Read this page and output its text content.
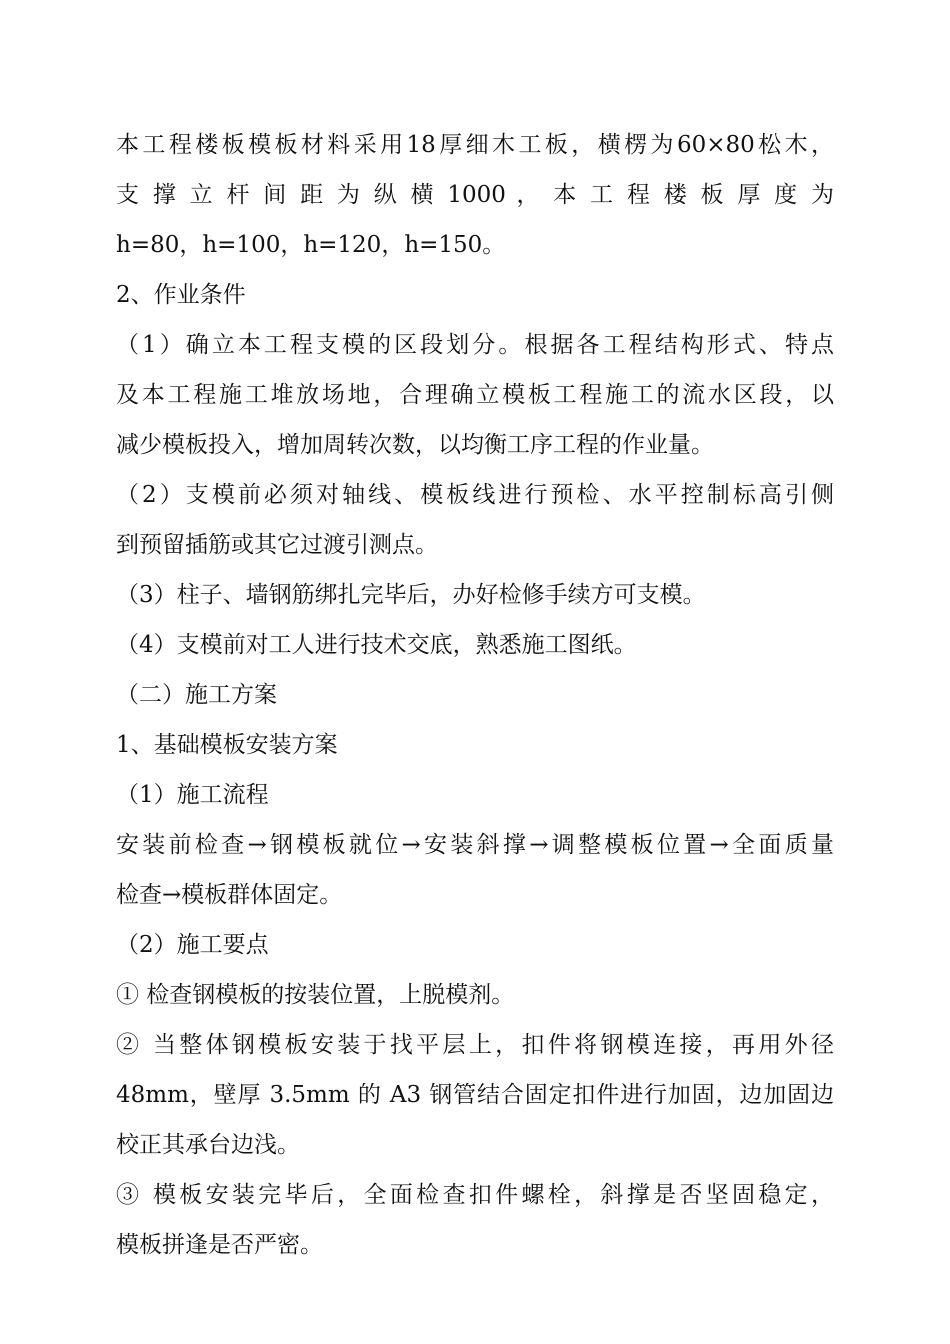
本工程楼板模板材料采用18厚细木工板，横楞为60×80松木，
支 撑 立 杆 间 距 为 纵 横 1000 ， 本 工 程 楼 板 厚 度 为
h=80，h=100，h=120，h=150。
2、作业条件
（1）确立本工程支模的区段划分。根据各工程结构形式、特点
及本工程施工堆放场地，合理确立模板工程施工的流水区段，以
减少模板投入，增加周转次数，以均衡工序工程的作业量。
（2）支模前必须对轴线、模板线进行预检、水平控制标高引侧
到预留插筋或其它过渡引测点。
（3）柱子、墙钢筋绑扎完毕后，办好检修手续方可支模。
（4）支模前对工人进行技术交底，熟悉施工图纸。
（二）施工方案
1、基础模板安装方案
（1）施工流程
安装前检查→钢模板就位→安装斜撑→调整模板位置→全面质量
检查→模板群体固定。
（2）施工要点
① 检查钢模板的按装位置，上脱模剂。
② 当整体钢模板安装于找平层上，扣件将钢模连接，再用外径
48mm，壁厚 3.5mm 的 A3 钢管结合固定扣件进行加固，边加固边
校正其承台边浅。
③ 模板安装完毕后，全面检查扣件螺栓，斜撑是否坚固稳定，
模板拼逢是否严密。
